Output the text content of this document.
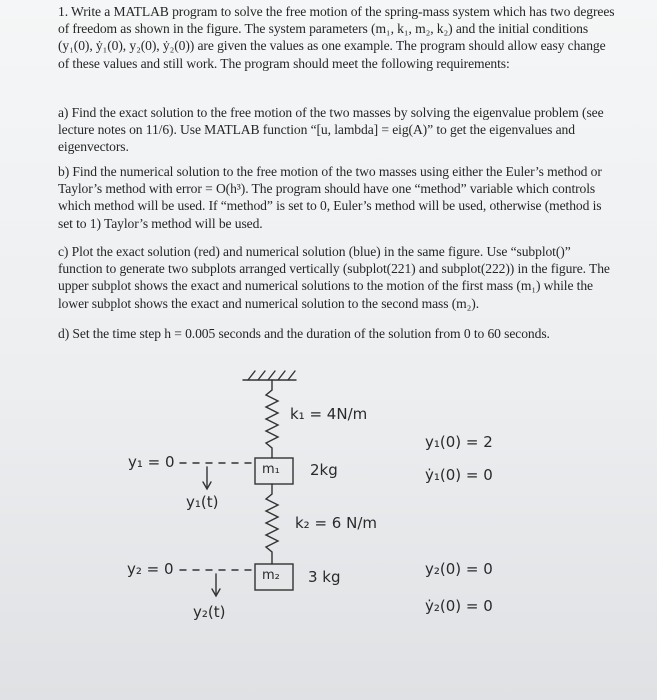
1. Write a MATLAB program to solve the free motion of the spring-mass system which has two degrees of freedom as shown in the figure. The system parameters (m₁, k₁, m₂, k₂) and the initial conditions (y₁(0), ẏ₁(0), y₂(0), ẏ₂(0)) are given the values as one example. The program should allow easy change of these values and still work. The program should meet the following requirements:
a) Find the exact solution to the free motion of the two masses by solving the eigenvalue problem (see lecture notes on 11/6). Use MATLAB function “[u, lambda] = eig(A)” to get the eigenvalues and eigenvectors.
b) Find the numerical solution to the free motion of the two masses using either the Euler’s method or Taylor’s method with error = O(h³). The program should have one “method” variable which controls which method will be used. If “method” is set to 0, Euler’s method will be used, otherwise (method is set to 1) Taylor’s method will be used.
c) Plot the exact solution (red) and numerical solution (blue) in the same figure. Use “subplot()” function to generate two subplots arranged vertically (subplot(221) and subplot(222)) in the figure. The upper subplot shows the exact and numerical solutions to the motion of the first mass (m₁) while the lower subplot shows the exact and numerical solution to the second mass (m₂).
d) Set the time step h = 0.005 seconds and the duration of the solution from 0 to 60 seconds.
k₁ = 4N/m
m₁ 2kg
k₂ = 6 N/m
m₂ 3 kg
y₁ = 0
y₁(t)
y₂ = 0
y₂(t)
y₁(0) = 2
ẏ₁(0) = 0
y₂(0) = 0
ẏ₂(0) = 0
